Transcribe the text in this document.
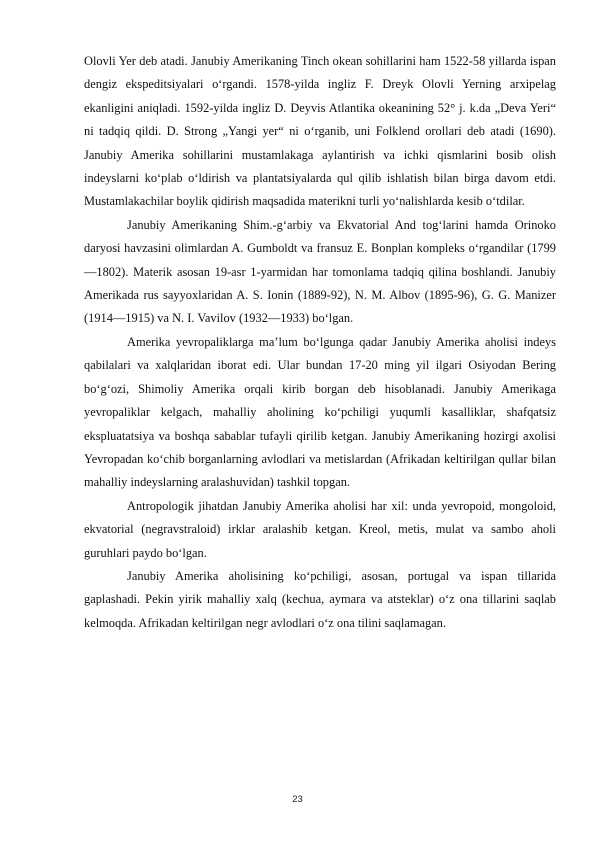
Olovli Yer deb atadi. Janubiy Amerikaning Tinch okean sohillarini ham 1522-58 yillarda ispan dengiz ekspeditsiyalari oʻrgandi. 1578-yilda ingliz F. Dreyk Olovli Yerning arxipelag ekanligini aniqladi. 1592-yilda ingliz D. Deyvis Atlantika okeanining 52° j. k.da „Deva Yeri“ ni tadqiq qildi. D. Strong „Yangi yer“ ni oʻrganib, uni Folklend orollari deb atadi (1690). Janubiy Amerika sohillarini mustamlakaga aylantirish va ichki qismlarini bosib olish indeyslarni koʻplab oʻldirish va plantatsiyalarda qul qilib ishlatish bilan birga davom etdi. Mustamlakachilar boylik qidirish maqsadida materikni turli yoʻnalishlarda kesib oʻtdilar.

Janubiy Amerikaning Shim.-gʻarbiy va Ekvatorial And togʻlarini hamda Orinoko daryosi havzasini olimlardan A. Gumboldt va fransuz E. Bonplan kompleks oʻrgandilar (1799—1802). Materik asosan 19-asr 1-yarmidan har tomonlama tadqiq qilina boshlandi. Janubiy Amerikada rus sayyoxlaridan A. S. Ionin (1889-92), N. M. Albov (1895-96), G. G. Manizer (1914—1915) va N. I. Vavilov (1932—1933) boʻlgan.

Amerika yevropaliklarga maʼlum boʻlgunga qadar Janubiy Amerika aholisi indeys qabilalari va xalqlaridan iborat edi. Ular bundan 17-20 ming yil ilgari Osiyodan Bering boʻgʻozi, Shimoliy Amerika orqali kirib borgan deb hisoblanadi. Janubiy Amerikaga yevropaliklar kelgach, mahalliy aholining koʻpchiligi yuqumli kasalliklar, shafqatsiz ekspluatatsiya va boshqa sabablar tufayli qirilib ketgan. Janubiy Amerikaning hozirgi axolisi Yevropadan koʻchib borganlarning avlodlari va metislardan (Afrikadan keltirilgan qullar bilan mahalliy indeyslarning aralashuvidan) tashkil topgan.

Antropologik jihatdan Janubiy Amerika aholisi har xil: unda yevropoid, mongoloid, ekvatorial (negravstraloid) irklar aralashib ketgan. Kreol, metis, mulat va sambo aholi guruhlari paydo boʻlgan.

Janubiy Amerika aholisining koʻpchiligi, asosan, portugal va ispan tillarida gaplashadi. Pekin yirik mahalliy xalq (kechua, aymara va atsteklar) oʻz ona tillarini saqlab kelmoqda. Afrikadan keltirilgan negr avlodlari oʻz ona tilini saqlamagan.

23
